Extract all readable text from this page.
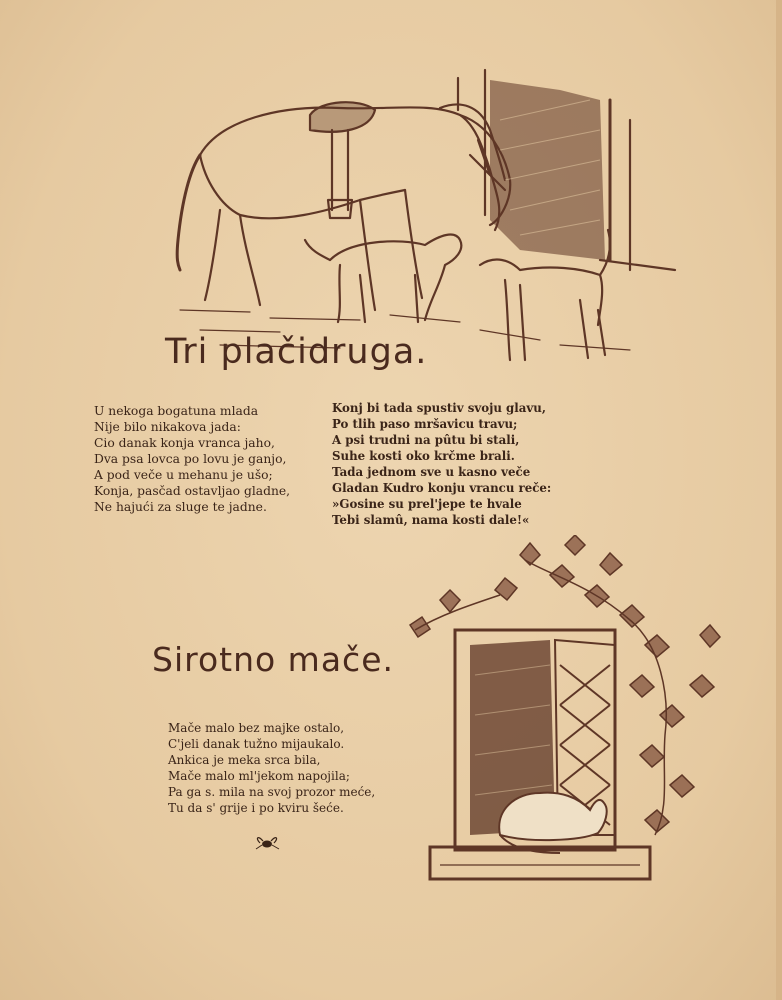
Tri plačidruga.
U nekoga bogatuna mlada
Nije bilo nikakova jada:
Cio danak konja vranca jaho,
Dva psa lovca po lovu je ganjo,
A pod veče u mehanu je ušo;
Konja, pasčad ostavljao gladne,
Ne hajući za sluge te jadne.
Konj bi tada spustiv svoju glavu,
Po tlih paso mršavicu travu;
A psi trudni na pûtu bi stali,
Suhe kosti oko krčme brali.
Tada jednom sve u kasno veče
Gladan Kudro konju vrancu reče:
»Gosine su prel'jepe te hvale
Tebi slamû, nama kosti dale!«
Sirotno mače.
Mače malo bez majke ostalo,
C'jeli danak tužno mijaukalo.
Ankica je meka srca bila,
Mače malo ml'jekom napojila;
Pa ga s. mila na svoj prozor meće,
Tu da s' grije i po kviru šeće.
